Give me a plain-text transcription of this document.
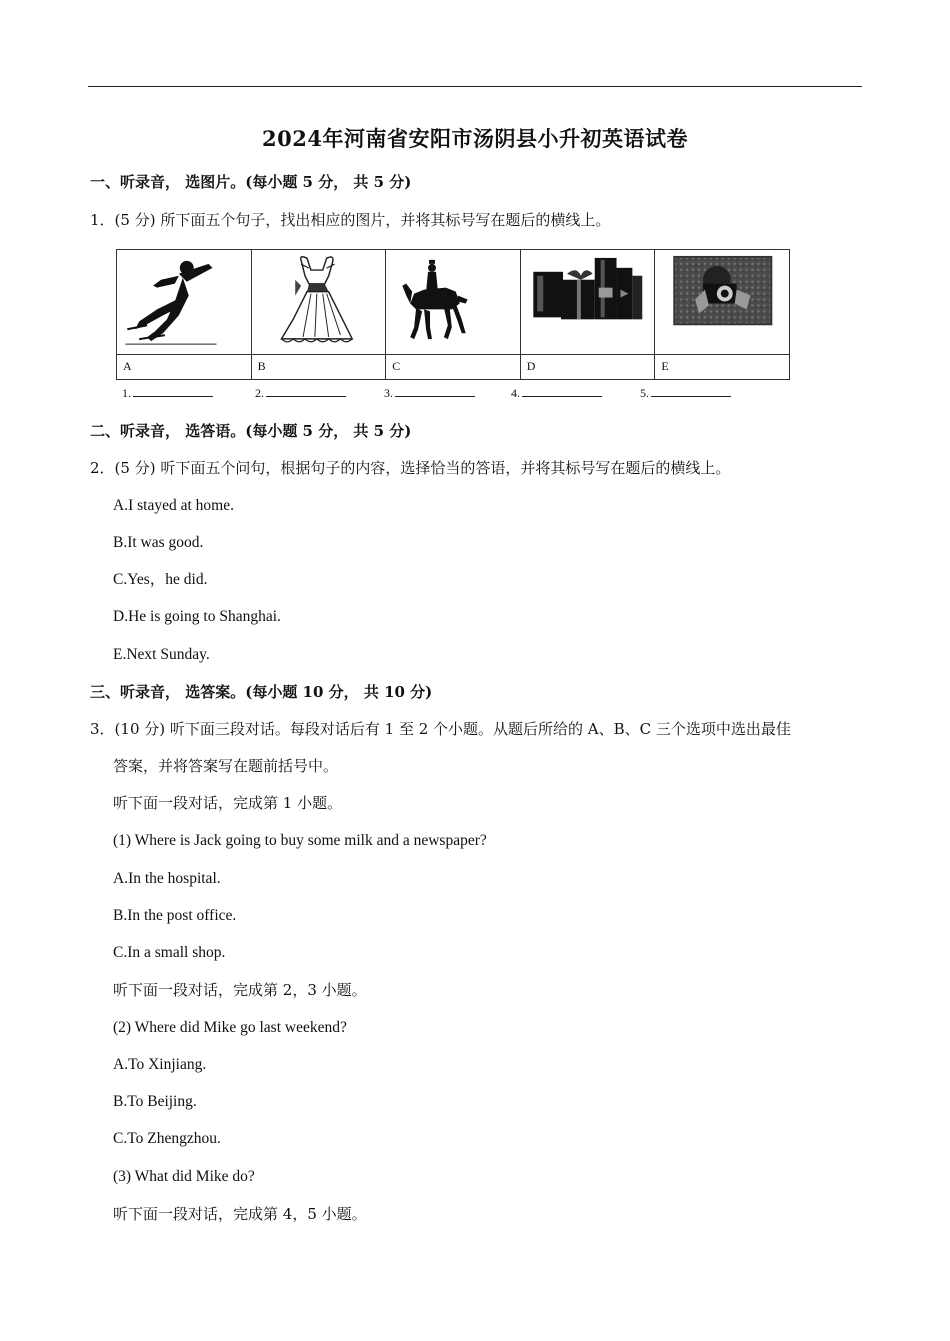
2024年河南省安阳市汤阴县小升初英语试卷
一、听录音， 选图片。(每小题 5 分， 共 5 分)
1．(5 分) 所下面五个句子，找出相应的图片，并将其标号写在题后的横线上。
A	B	C	D	E
1.	2.	3.	4.	5.
二、听录音， 选答语。(每小题 5 分， 共 5 分)
2．(5 分) 听下面五个问句，根据句子的内容，选择恰当的答语，并将其标号写在题后的横线上。
A.I stayed at home.
B.It was good.
C.Yes，he did.
D.He is going to Shanghai.
E.Next Sunday.
三、听录音， 选答案。(每小题 10 分， 共 10 分)
3．(10 分) 听下面三段对话。每段对话后有 1 至 2 个小题。从题后所给的 A、B、C 三个选项中选出最佳
答案，并将答案写在题前括号中。
听下面一段对话，完成第 1 小题。
(1) Where is Jack going to buy some milk and a newspaper?
A.In the hospital.
B.In the post office.
C.In a small shop.
听下面一段对话，完成第 2，3 小题。
(2) Where did Mike go last weekend?
A.To Xinjiang.
B.To Beijing.
C.To Zhengzhou.
(3) What did Mike do?
听下面一段对话，完成第 4，5 小题。
